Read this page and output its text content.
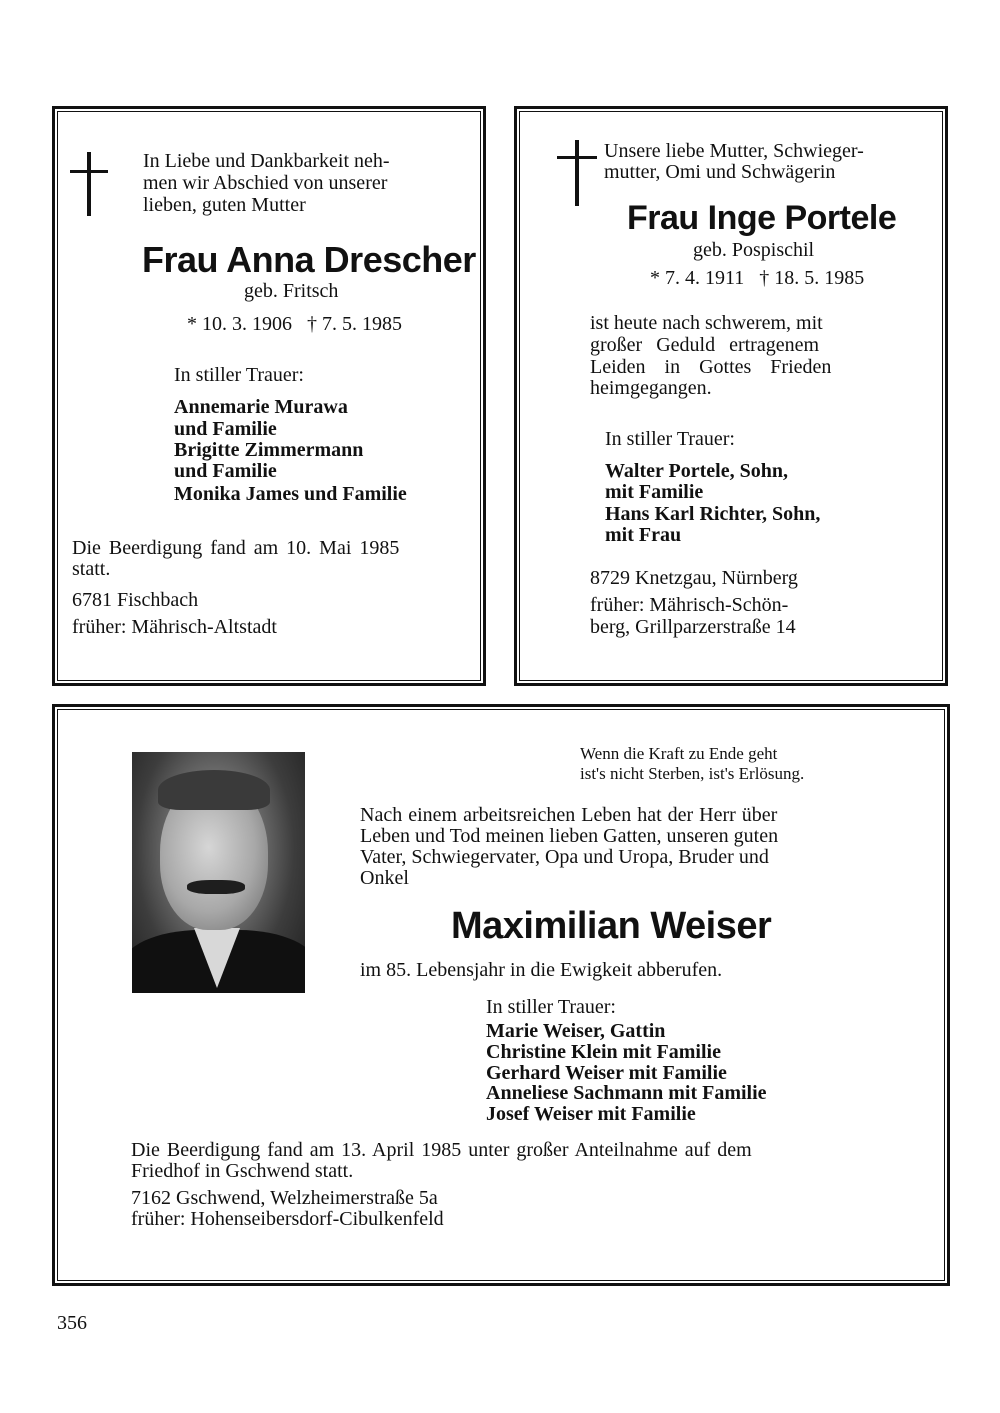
In Liebe und Dankbarkeit neh-
men wir Abschied von unserer
lieben, guten Mutter
Frau Anna Drescher
geb. Fritsch
* 10. 3. 1906   † 7. 5. 1985
In stiller Trauer:
Annemarie Murawa
und Familie
Brigitte Zimmermann
und Familie
Monika James und Familie
Die Beerdigung fand am 10. Mai 1985
statt.
6781 Fischbach
früher: Mährisch-Altstadt
Unsere liebe Mutter, Schwieger-
mutter, Omi und Schwägerin
Frau Inge Portele
geb. Pospischil
* 7. 4. 1911   † 18. 5. 1985
ist heute nach schwerem, mit
großer Geduld ertragenem
Leiden in Gottes Frieden
heimgegangen.
In stiller Trauer:
Walter Portele, Sohn,
mit Familie
Hans Karl Richter, Sohn,
mit Frau
8729 Knetzgau, Nürnberg
früher: Mährisch-Schön-
berg, Grillparzerstraße 14
Wenn die Kraft zu Ende geht
ist's nicht Sterben, ist's Erlösung.
Nach einem arbeitsreichen Leben hat der Herr über
Leben und Tod meinen lieben Gatten, unseren guten
Vater, Schwiegervater, Opa und Uropa, Bruder und
Onkel
Maximilian Weiser
im 85. Lebensjahr in die Ewigkeit abberufen.
In stiller Trauer:
Marie Weiser, Gattin
Christine Klein mit Familie
Gerhard Weiser mit Familie
Anneliese Sachmann mit Familie
Josef Weiser mit Familie
Die Beerdigung fand am 13. April 1985 unter großer Anteilnahme auf dem
Friedhof in Gschwend statt.
7162 Gschwend, Welzheimerstraße 5a
früher: Hohenseibersdorf-Cibulkenfeld
356
